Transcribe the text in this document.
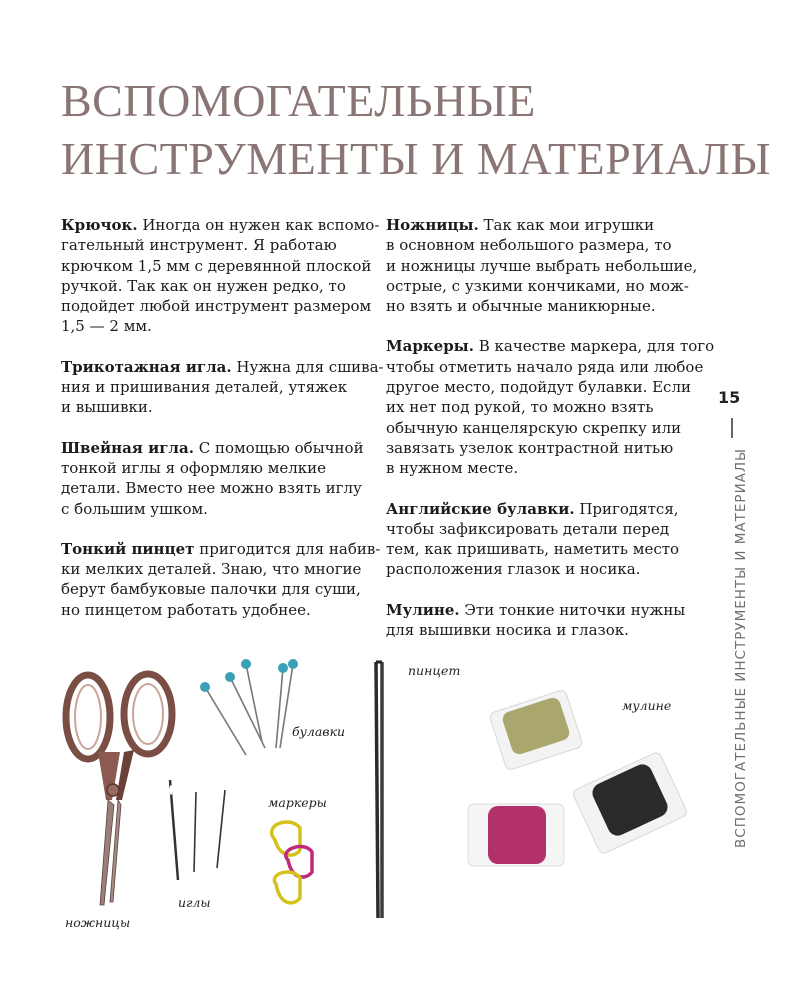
ВСПОМОГАТЕЛЬНЫЕ
ИНСТРУМЕНТЫ И МАТЕРИАЛЫ

Крючок. Иногда он нужен как вспомо-
гательный инструмент. Я работаю
крючком 1,5 мм с деревянной плоской
ручкой. Так как он нужен редко, то
подойдет любой инструмент размером
1,5 — 2 мм.

Трикотажная игла. Нужна для сшива-
ния и пришивания деталей, утяжек
и вышивки.

Швейная игла. С помощью обычной
тонкой иглы я оформляю мелкие
детали. Вместо нее можно взять иглу
с большим ушком.

Тонкий пинцет пригодится для набив-
ки мелких деталей. Знаю, что многие
берут бамбуковые палочки для суши,
но пинцетом работать удобнее.

Ножницы. Так как мои игрушки
в основном небольшого размера, то
и ножницы лучше выбрать небольшие,
острые, с узкими кончиками, но мож-
но взять и обычные маникюрные.

Маркеры. В качестве маркера, для того
чтобы отметить начало ряда или любое
другое место, подойдут булавки. Если
их нет под рукой, то можно взять
обычную канцелярскую скрепку или
завязать узелок контрастной нитью
в нужном месте.

Английские булавки. Пригодятся,
чтобы зафиксировать детали перед
тем, как пришивать, наметить место
расположения глазок и носика.

Мулине. Эти тонкие ниточки нужны
для вышивки носика и глазок.

15
ВСПОМОГАТЕЛЬНЫЕ ИНСТРУМЕНТЫ И МАТЕРИАЛЫ
булавки
пинцет
мулине
маркеры
иглы
ножницы
